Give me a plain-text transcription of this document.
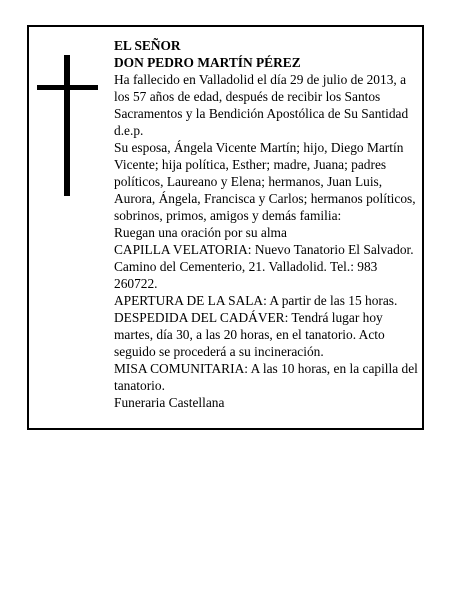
EL SEÑOR

DON PEDRO MARTÍN PÉREZ

Ha fallecido en Valladolid el día 29 de julio de 2013, a los 57 años de edad, después de recibir los Santos Sacramentos y la Bendición Apostólica de Su Santidad d.e.p.

Su esposa, Ángela Vicente Martín; hijo, Diego Martín Vicente; hija política, Esther; madre, Juana; padres políticos, Laureano y Elena; hermanos, Juan Luis, Aurora, Ángela, Francisca y Carlos; hermanos políticos, sobrinos, primos, amigos y demás familia:

Ruegan una oración por su alma

CAPILLA VELATORIA: Nuevo Tanatorio El Salvador. Camino del Cementerio, 21. Valladolid. Tel.: 983 260722.

APERTURA DE LA SALA: A partir de las 15 horas.

DESPEDIDA DEL CADÁVER: Tendrá lugar hoy martes, día 30, a las 20 horas, en el tanatorio. Acto seguido se procederá a su incineración.

MISA COMUNITARIA: A las 10 horas, en la capilla del tanatorio.

Funeraria Castellana
